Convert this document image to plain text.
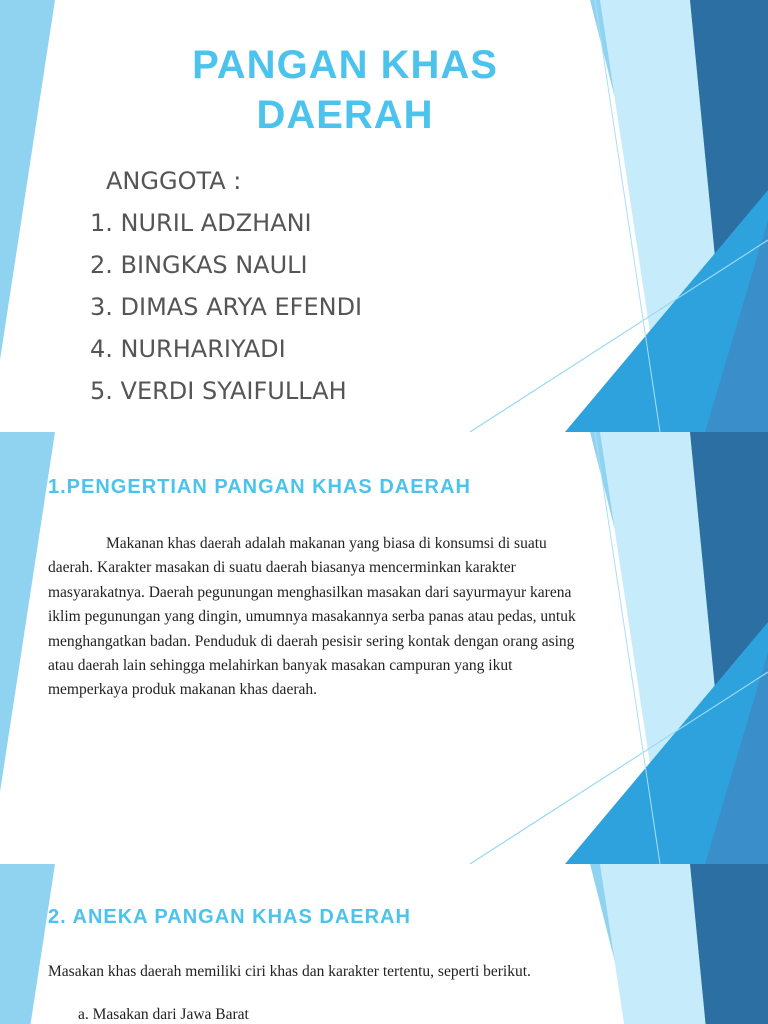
PANGAN KHAS
DAERAH
ANGGOTA :
1. NURIL ADZHANI
2. BINGKAS NAULI
3. DIMAS ARYA EFENDI
4. NURHARIYADI
5. VERDI SYAIFULLAH
1.PENGERTIAN PANGAN KHAS DAERAH

Makanan khas daerah adalah makanan yang biasa di konsumsi di suatu daerah. Karakter masakan di suatu daerah biasanya mencerminkan karakter masyarakatnya. Daerah pegunungan menghasilkan masakan dari sayurmayur karena iklim pegunungan yang dingin, umumnya masakannya serba panas atau pedas, untuk menghangatkan badan. Penduduk di daerah pesisir sering kontak dengan orang asing atau daerah lain sehingga melahirkan banyak masakan campuran yang ikut memperkaya produk makanan khas daerah.

2. ANEKA PANGAN KHAS DAERAH

Masakan khas daerah memiliki ciri khas dan karakter tertentu, seperti berikut.

a. Masakan dari Jawa Barat
